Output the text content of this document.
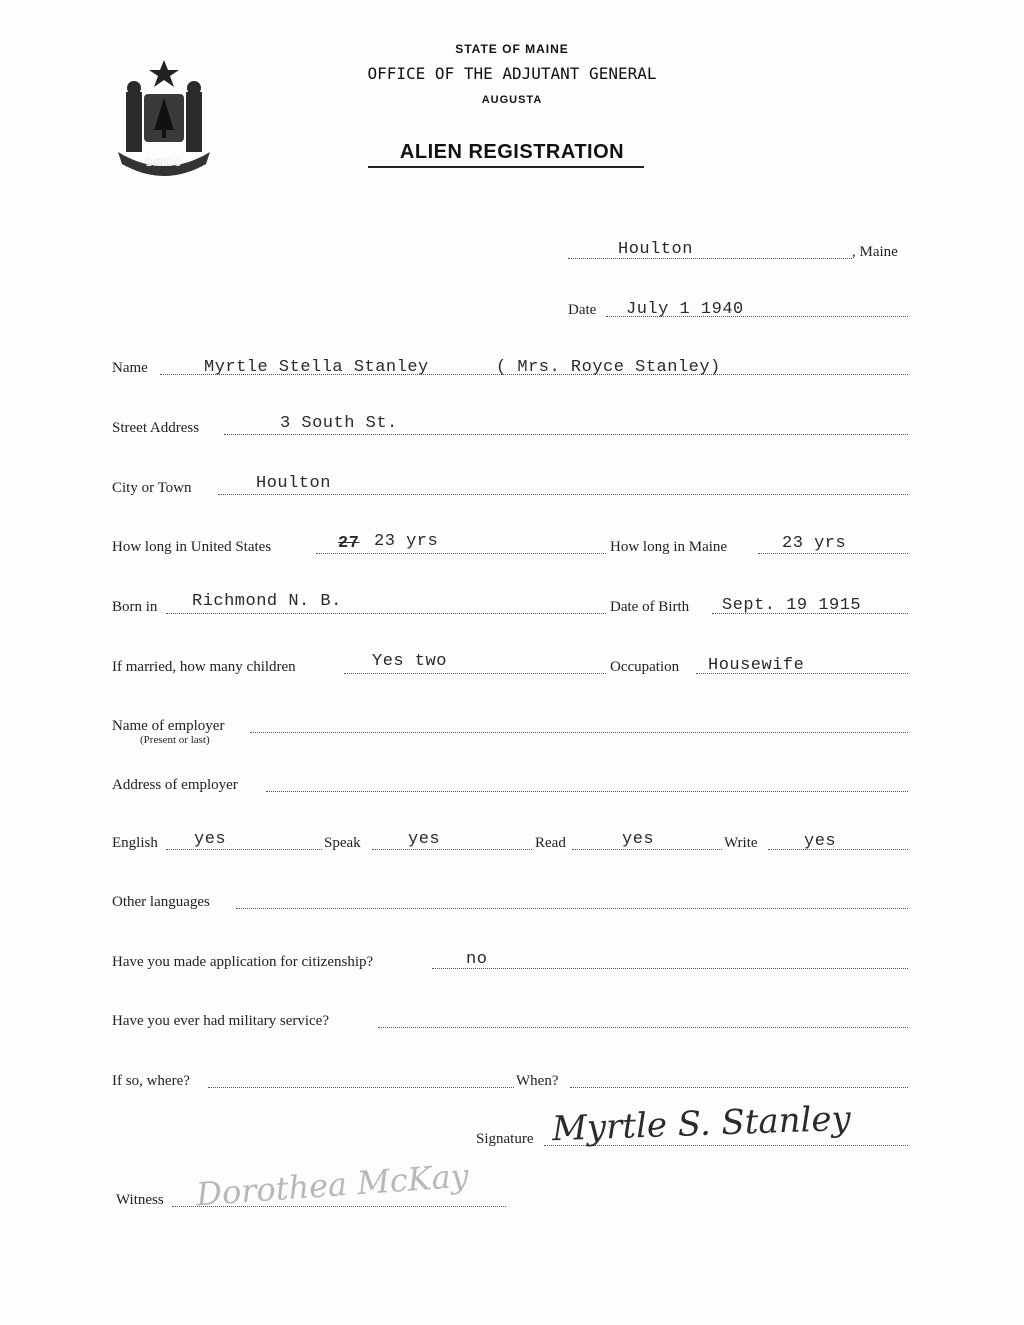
DIRIGO
STATE OF MAINE
OFFICE OF THE ADJUTANT GENERAL
AUGUSTA
ALIEN REGISTRATION
Houlton	, Maine
Date July 1 1940
Name	Myrtle Stella Stanley	( Mrs. Royce Stanley)
Street Address	3 South St.
City or Town	Houlton
How long in United States	27 23 yrs	How long in Maine	23 yrs
Born in Richmond N. B.	Date of Birth Sept. 19 1915
If married, how many children	Yes two	Occupation Housewife
Name of employer
(Present or last)
Address of employer
English yes	Speak	yes	Read	yes	Write	yes
Other languages
Have you made application for citizenship?	no
Have you ever had military service?
If so, where?	When?
Signature Myrtle S. Stanley
Witness Dorothea McKay
